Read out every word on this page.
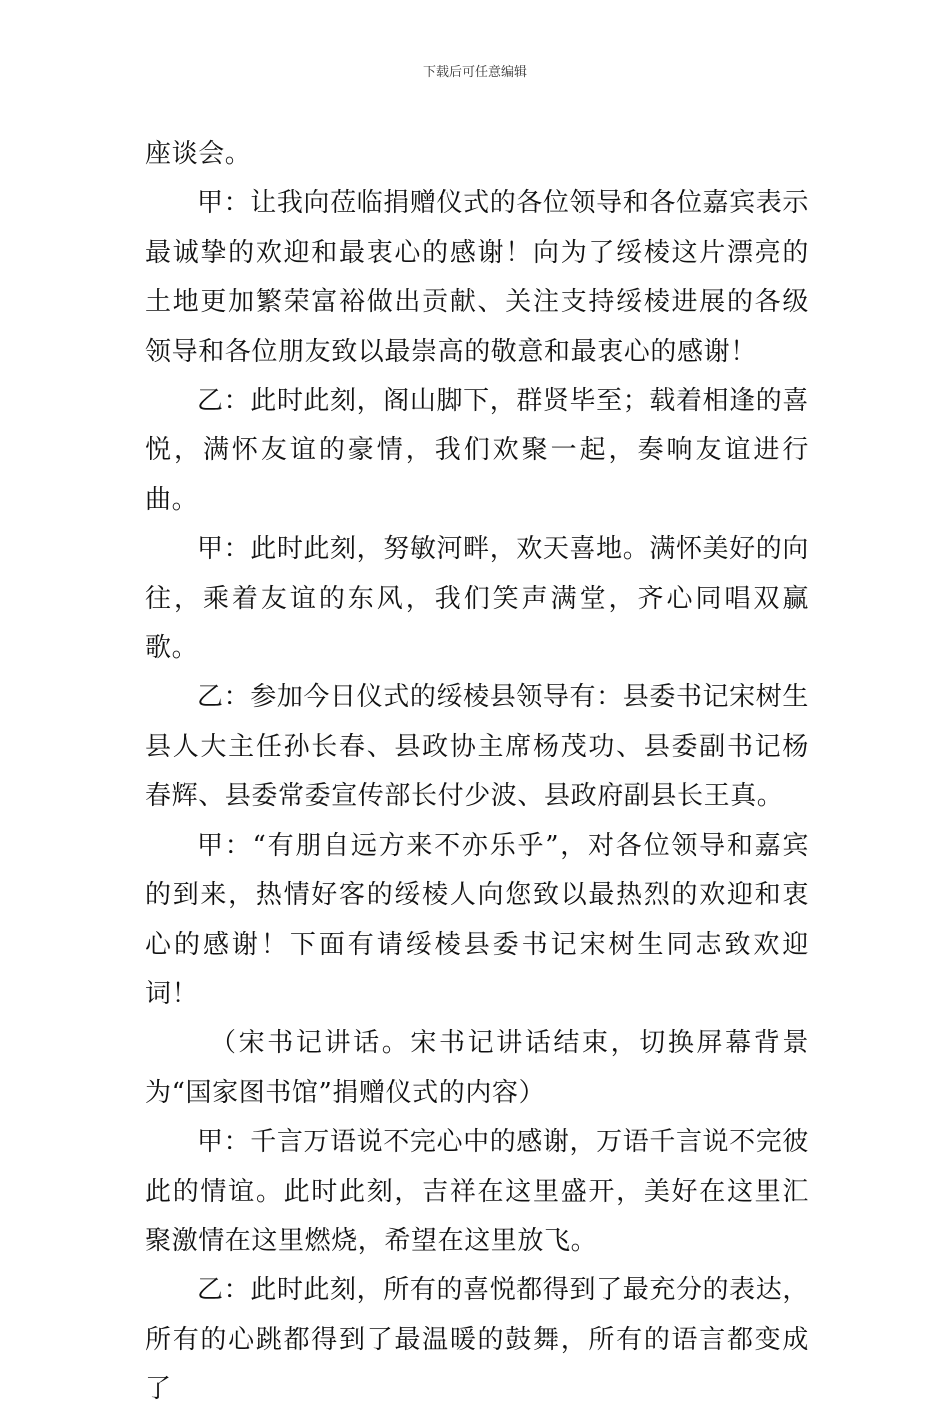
下载后可任意编辑

座谈会。

甲：让我向莅临捐赠仪式的各位领导和各位嘉宾表示最诚挚的欢迎和最衷心的感谢！向为了绥棱这片漂亮的土地更加繁荣富裕做出贡献、关注支持绥棱进展的各级领导和各位朋友致以最崇高的敬意和最衷心的感谢！

乙：此时此刻，阁山脚下，群贤毕至；载着相逢的喜悦，满怀友谊的豪情，我们欢聚一起，奏响友谊进行曲。

甲：此时此刻，努敏河畔，欢天喜地。满怀美好的向往，乘着友谊的东风，我们笑声满堂，齐心同唱双赢歌。

乙：参加今日仪式的绥棱县领导有：县委书记宋树生县人大主任孙长春、县政协主席杨茂功、县委副书记杨春辉、县委常委宣传部长付少波、县政府副县长王真。

甲：“有朋自远方来不亦乐乎”，对各位领导和嘉宾的到来，热情好客的绥棱人向您致以最热烈的欢迎和衷心的感谢！下面有请绥棱县委书记宋树生同志致欢迎词！

（宋书记讲话。宋书记讲话结束，切换屏幕背景为“国家图书馆”捐赠仪式的内容）

甲：千言万语说不完心中的感谢，万语千言说不完彼此的情谊。此时此刻，吉祥在这里盛开，美好在这里汇聚激情在这里燃烧，希望在这里放飞。

乙：此时此刻，所有的喜悦都得到了最充分的表达，所有的心跳都得到了最温暖的鼓舞，所有的语言都变成了
